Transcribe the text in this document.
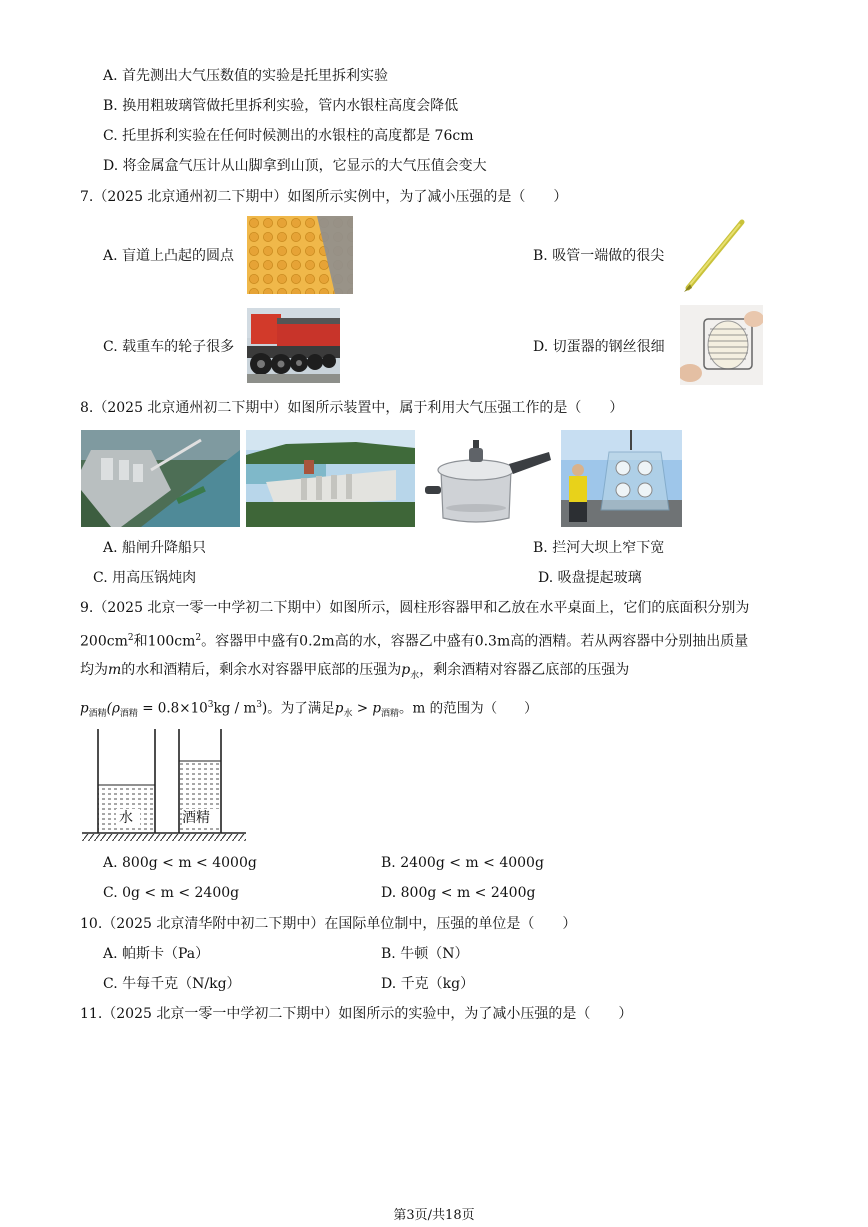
A. 首先测出大气压数值的实验是托里拆利实验
B. 换用粗玻璃管做托里拆利实验，管内水银柱高度会降低
C. 托里拆利实验在任何时候测出的水银柱的高度都是 76cm
D. 将金属盒气压计从山脚拿到山顶，它显示的大气压值会变大
7.（2025 北京通州初二下期中）如图所示实例中，为了减小压强的是（　　）
A. 盲道上凸起的圆点	B. 吸管一端做的很尖
C. 载重车的轮子很多	D. 切蛋器的钢丝很细
8.（2025 北京通州初二下期中）如图所示装置中，属于利用大气压强工作的是（　　）
A. 船闸升降船只	B. 拦河大坝上窄下宽
C. 用高压锅炖肉	D. 吸盘提起玻璃
9.（2025 北京一零一中学初二下期中）如图所示，圆柱形容器甲和乙放在水平桌面上，它们的底面积分别为
$200cm^2$和$100cm^2$。容器甲中盛有0.2m高的水，容器乙中盛有0.3m高的酒精。若从两容器中分别抽出质量
均为m的水和酒精后，剩余水对容器甲底部的压强为$p_水$，剩余酒精对容器乙底部的压强为
$p_{酒精}(\rho_{酒精} = 0.8\times 10^3kg / m^3)$。为了满足$p_水 > p_{酒精}$。m 的范围为（　　）
水	酒精
A. 800g < m < 4000g	B. 2400g < m < 4000g
C. 0g < m < 2400g	D. 800g < m < 2400g
10.（2025 北京清华附中初二下期中）在国际单位制中，压强的单位是（　　）
A. 帕斯卡（Pa）	B. 牛顿（N）
C. 牛每千克（N/kg）	D. 千克（kg）
11.（2025 北京一零一中学初二下期中）如图所示的实验中，为了减小压强的是（　　）
第3页/共18页
